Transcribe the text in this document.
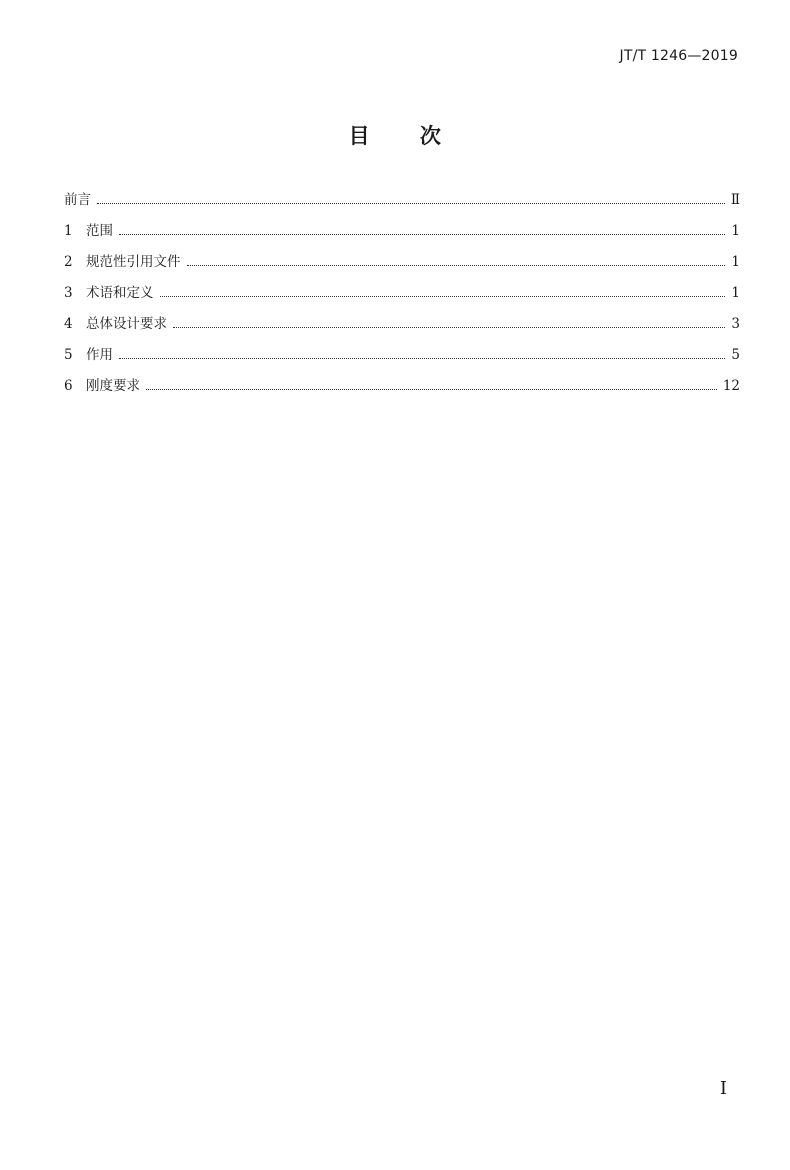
JT/T 1246—2019
目 次
前言	Ⅱ
1 范围	1
2 规范性引用文件	1
3 术语和定义	1
4 总体设计要求	3
5 作用	5
6 刚度要求	12
I
